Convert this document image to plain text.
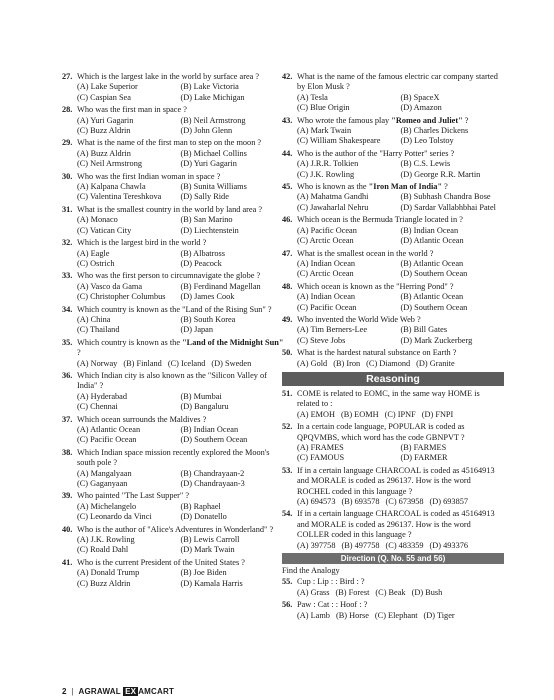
27. Which is the largest lake in the world by surface area ?
(A) Lake Superior	(B) Lake Victoria
(C) Caspian Sea	(D) Lake Michigan
28. Who was the first man in space ?
(A) Yuri Gagarin	(B) Neil Armstrong
(C) Buzz Aldrin	(D) John Glenn
29. What is the name of the first man to step on the moon ?
(A) Buzz Aldrin	(B) Michael Collins
(C) Neil Armstrong	(D) Yuri Gagarin
30. Who was the first Indian woman in space ?
(A) Kalpana Chawla	(B) Sunita Williams
(C) Valentina Tereshkova	(D) Sally Ride
31. What is the smallest country in the world by land area ?
(A) Monaco	(B) San Marino
(C) Vatican City	(D) Liechtenstein
32. Which is the largest bird in the world ?
(A) Eagle	(B) Albatross
(C) Ostrich	(D) Peacock
33. Who was the first person to circumnavigate the globe ?
(A) Vasco da Gama	(B) Ferdinand Magellan
(C) Christopher Columbus	(D) James Cook
34. Which country is known as the "Land of the Rising Sun" ?
(A) China	(B) South Korea
(C) Thailand	(D) Japan
35. Which country is known as the "Land of the Midnight Sun" ?
(A) Norway (B) Finland (C) Iceland (D) Sweden
36. Which Indian city is also known as the "Silicon Valley of India" ?
(A) Hyderabad	(B) Mumbai
(C) Chennai	(D) Bangaluru
37. Which ocean surrounds the Maldives ?
(A) Atlantic Ocean	(B) Indian Ocean
(C) Pacific Ocean	(D) Southern Ocean
38. Which Indian space mission recently explored the Moon's south pole ?
(A) Mangalyaan	(B) Chandrayaan-2
(C) Gaganyaan	(D) Chandrayaan-3
39. Who painted "The Last Supper" ?
(A) Michelangelo	(B) Raphael
(C) Leonardo da Vinci	(D) Donatello
40. Who is the author of "Alice's Adventures in Wonderland" ?
(A) J.K. Rowling	(B) Lewis Carroll
(C) Roald Dahl	(D) Mark Twain
41. Who is the current President of the United States ?
(A) Donald Trump	(B) Joe Biden
(C) Buzz Aldrin	(D) Kamala Harris
42. What is the name of the famous electric car company started by Elon Musk ?
(A) Tesla	(B) SpaceX
(C) Blue Origin	(D) Amazon
43. Who wrote the famous play "Romeo and Juliet" ?
(A) Mark Twain	(B) Charles Dickens
(C) William Shakespeare	(D) Leo Tolstoy
44. Who is the author of the "Harry Potter" series ?
(A) J.R.R. Tolkien	(B) C.S. Lewis
(C) J.K. Rowling	(D) George R.R. Martin
45. Who is known as the "Iron Man of India" ?
(A) Mahatma Gandhi	(B) Subhash Chandra Bose
(C) Jawaharlal Nehru	(D) Sardar Vallabhbhai Patel
46. Which ocean is the Bermuda Triangle located in ?
(A) Pacific Ocean	(B) Indian Ocean
(C) Arctic Ocean	(D) Atlantic Ocean
47. What is the smallest ocean in the world ?
(A) Indian Ocean	(B) Atlantic Ocean
(C) Arctic Ocean	(D) Southern Ocean
48. Which ocean is known as the "Herring Pond" ?
(A) Indian Ocean	(B) Atlantic Ocean
(C) Pacific Ocean	(D) Southern Ocean
49. Who invented the World Wide Web ?
(A) Tim Berners-Lee	(B) Bill Gates
(C) Steve Jobs	(D) Mark Zuckerberg
50. What is the hardest natural substance on Earth ?
(A) Gold (B) Iron (C) Diamond (D) Granite
Reasoning
51. COME is related to EOMC, in the same way HOME is related to :
(A) EMOH (B) EOMH (C) IPNF (D) FNPI
52. In a certain code language, POPULAR is coded as QPQVMBS, which word has the code GBNPVT ?
(A) FRAMES	(B) FARMES
(C) FAMOUS	(D) FARMER
53. If in a certain language CHARCOAL is coded as 45164913 and MORALE is coded as 296137. How is the word ROCHEL coded in this language ?
(A) 694573 (B) 693578 (C) 673958 (D) 693857
54. If in a certain language CHARCOAL is coded as 45164913 and MORALE is coded as 296137. How is the word COLLER coded in this language ?
(A) 397758 (B) 497758 (C) 483359 (D) 493376
Direction (Q. No. 55 and 56)
Find the Analogy
55. Cup : Lip : : Bird : ?
(A) Grass (B) Forest (C) Beak (D) Bush
56. Paw : Cat : : Hoof : ?
(A) Lamb (B) Horse (C) Elephant (D) Tiger
2 | AGRAWAL EX AMCART
